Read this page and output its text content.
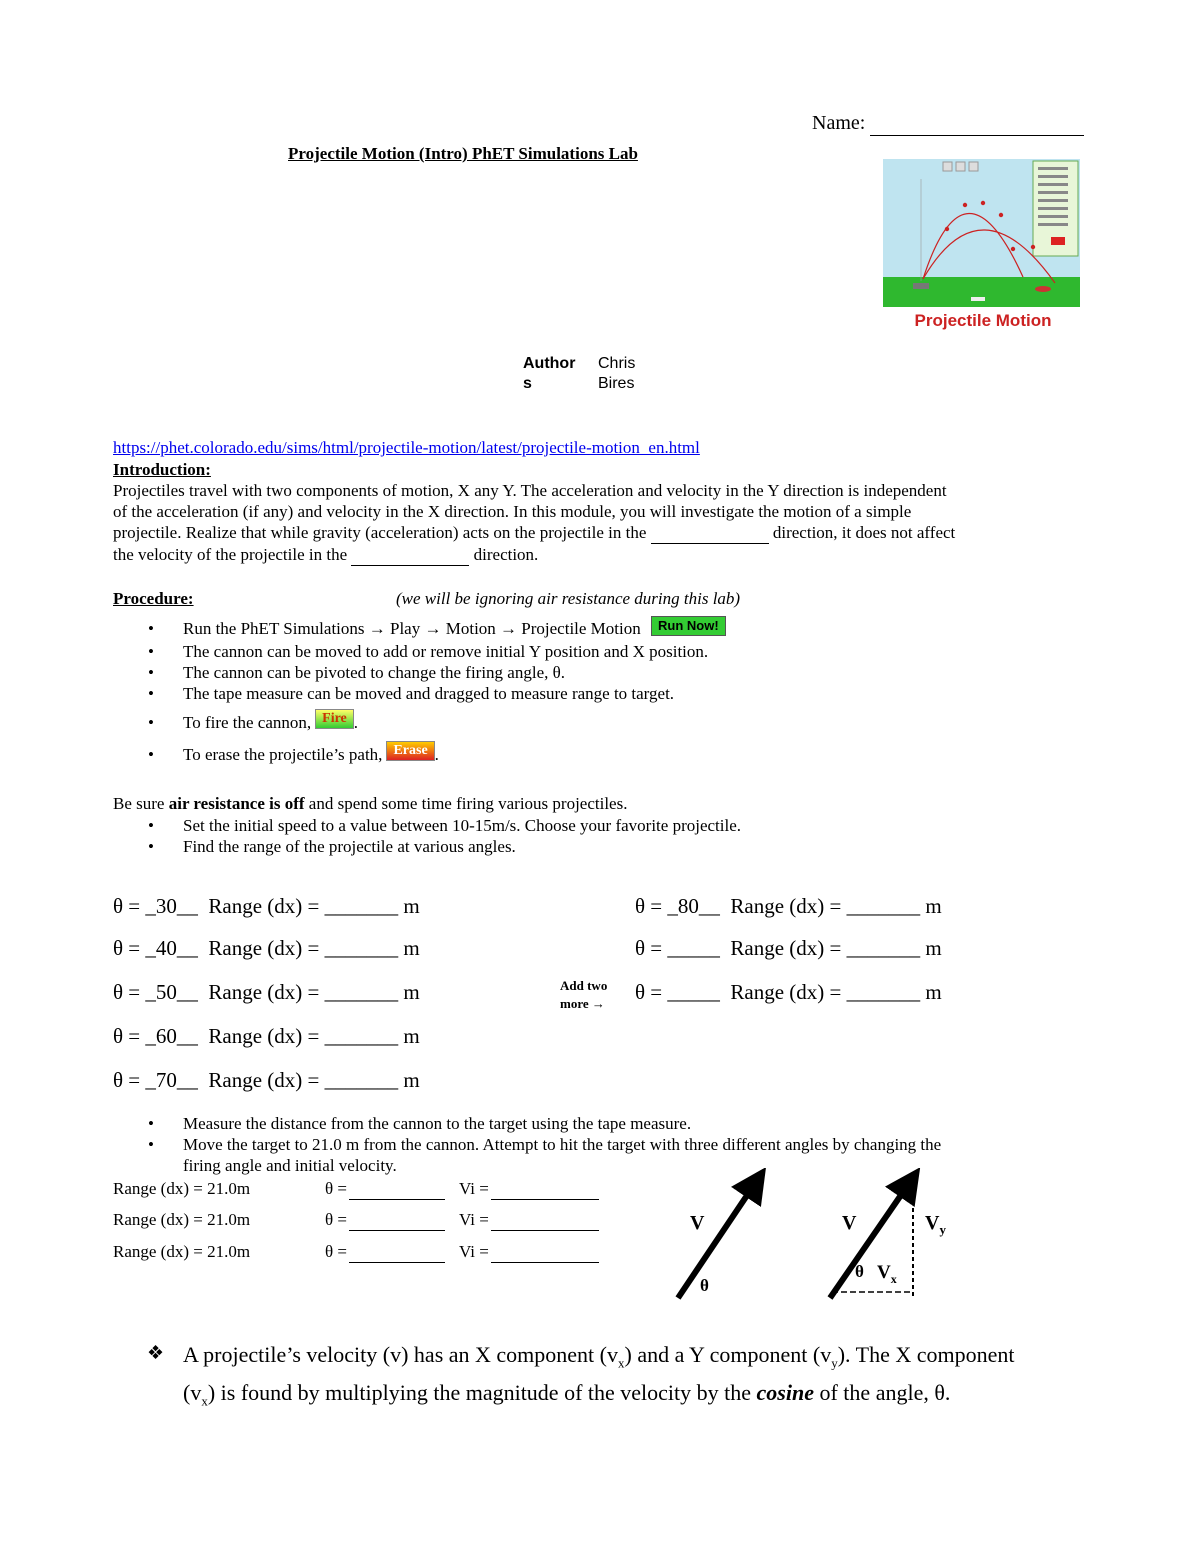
Name:
Projectile Motion (Intro) PhET Simulations Lab
Projectile Motion
Author
s
Chris
Bires
https://phet.colorado.edu/sims/html/projectile-motion/latest/projectile-motion_en.html
Introduction:
Projectiles travel with two components of motion, X any Y. The acceleration and velocity in the Y direction is independent
of the acceleration (if any) and velocity in the X direction. In this module, you will investigate the motion of a simple
projectile. Realize that while gravity (acceleration) acts on the projectile in the	direction, it does not affect
the velocity of the projectile in the	direction.
Procedure:	(we will be ignoring air resistance during this lab)
• Run the PhET Simulations → Play → Motion → Projectile Motion Run Now!
• The cannon can be moved to add or remove initial Y position and X position.
• The cannon can be pivoted to change the firing angle, θ.
• The tape measure can be moved and dragged to measure range to target.
• To fire the cannon, Fire .
• To erase the projectile’s path, Erase .
Be sure air resistance is off and spend some time firing various projectiles.
• Set the initial speed to a value between 10-15m/s. Choose your favorite projectile.
• Find the range of the projectile at various angles.
θ = _30__ Range (dx) = _______ m
θ = _40__ Range (dx) = _______ m
θ = _50__ Range (dx) = _______ m
θ = _60__ Range (dx) = _______ m
θ = _70__ Range (dx) = _______ m
θ = _80__ Range (dx) = _______ m
θ = _____ Range (dx) = _______ m
θ = _____ Range (dx) = _______ m
Add two
more →
• Measure the distance from the cannon to the target using the tape measure.
• Move the target to 21.0 m from the cannon. Attempt to hit the target with three different angles by changing the
firing angle and initial velocity.
Range (dx) = 21.0m	θ =	Vi =
Range (dx) = 21.0m	θ =	Vi =
Range (dx) = 21.0m	θ =	Vi =
V
θ
V	$V_y$
θ $V_x$
❖ A projectile’s velocity (v) has an X component $(v_x)$ and a Y component $(v_y)$. The X component
$(v_x)$ is found by multiplying the magnitude of the velocity by the cosine of the angle, θ.
